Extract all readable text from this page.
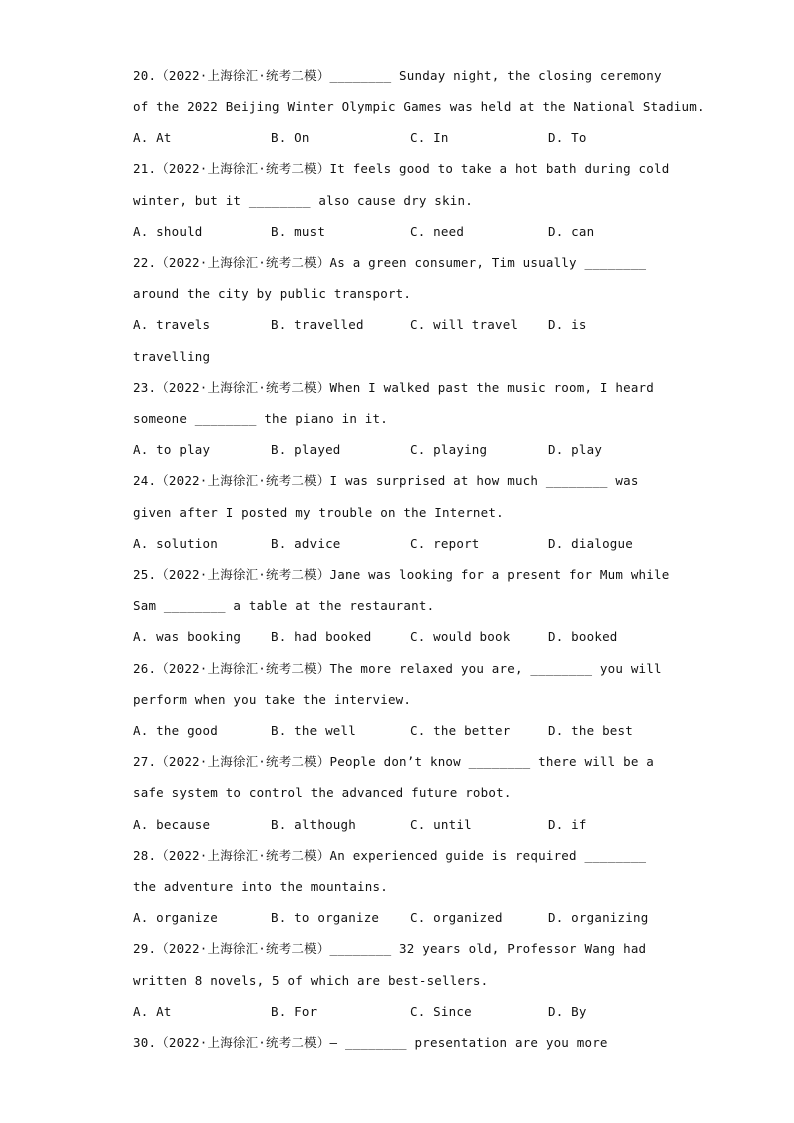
20.（2022·上海徐汇·统考二模）________ Sunday night, the closing ceremony
of the 2022 Beijing Winter Olympic Games was held at the National Stadium.

A. At

	B. On

	C. In

	D. To

21.（2022·上海徐汇·统考二模）It feels good to take a hot bath during cold
winter, but it ________ also cause dry skin.

A. should

	B. must

	C. need

	D. can

22.（2022·上海徐汇·统考二模）As a green consumer, Tim usually ________
around the city by public transport.

A. travels

	B. travelled

	C. will travel

D. is

travelling
23.（2022·上海徐汇·统考二模）When I walked past the music room, I heard
someone ________ the piano in it.

A. to play

	B. played

	C. playing

	D. play

24.（2022·上海徐汇·统考二模）I was surprised at how much ________ was
given after I posted my trouble on the Internet.

A. solution

	B. advice

	C. report

	D. dialogue

25.（2022·上海徐汇·统考二模）Jane was looking for a present for Mum while
Sam ________ a table at the restaurant.

A. was booking

B. had booked

	C. would book

	D. booked

26.（2022·上海徐汇·统考二模）The more relaxed you are, ________ you will
perform when you take the interview.

A. the good

	B. the well

	C. the better

	D. the best

27.（2022·上海徐汇·统考二模）People don’t know ________ there will be a
safe system to control the advanced future robot.

A. because

	B. although

	C. until

	D. if

28.（2022·上海徐汇·统考二模）An experienced guide is required ________
the adventure into the mountains.

A. organize

	B. to organize

C. organized

	D. organizing

29.（2022·上海徐汇·统考二模）________ 32 years old, Professor Wang had
written 8 novels, 5 of which are best-sellers.

A. At

	B. For

	C. Since

	D. By

30.（2022·上海徐汇·统考二模）— ________ presentation are you more
